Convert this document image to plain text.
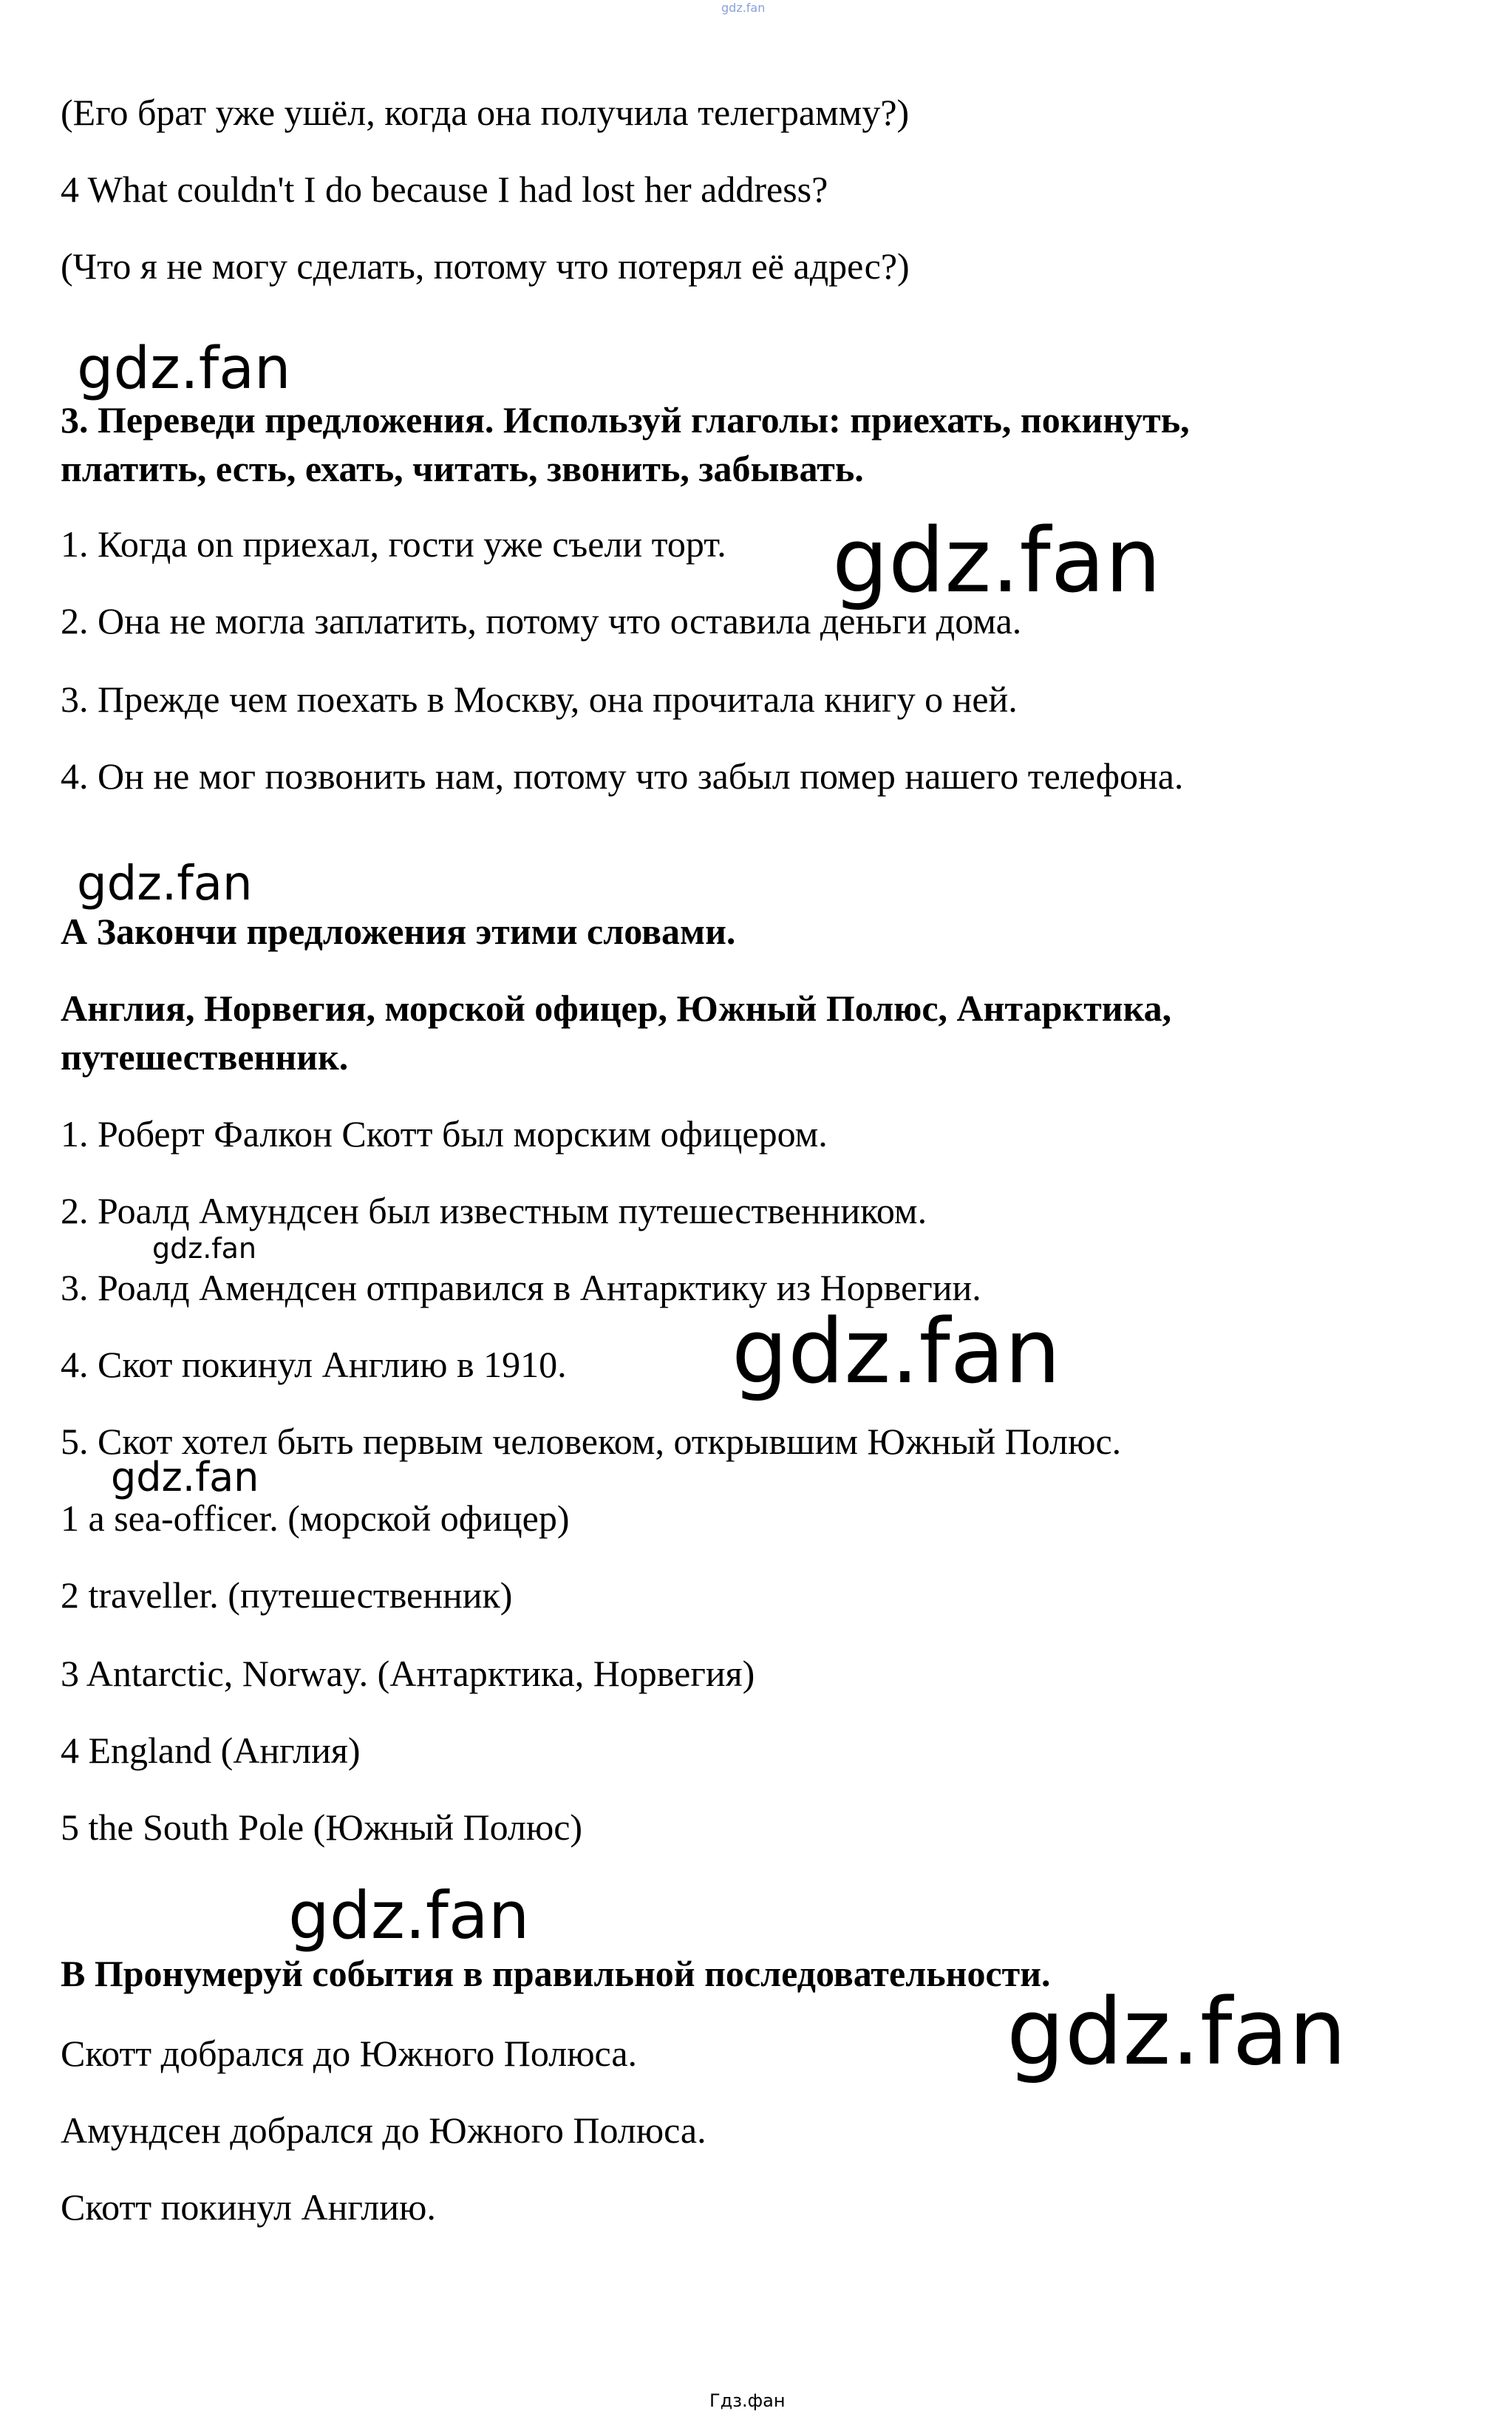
gdz.fan

(Его брат уже ушёл, когда она получила телеграмму?)

4 What couldn't I do because I had lost her address?

(Что я не могу сделать, потому что потерял её адрес?)

gdz.fan

3. Переведи предложения. Используй глаголы: приехать, покинуть,

платить, есть, ехать, читать, звонить, забывать.

1. Когда on приехал, гости уже съели торт. gdz.fan

2. Она не могла заплатить, потому что оставила деньги дома.

3. Прежде чем поехать в Москву, она прочитала книгу о ней.

4. Он не мог позвонить нам, потому что забыл помер нашего телефона.

gdz.fan

А Закончи предложения этими словами.

Англия, Норвегия, морской офицер, Южный Полюс, Антарктика,

путешественник.

1. Роберт Фалкон Скотт был морским офицером.

2. Роалд Амундсен был известным путешественником.

gdz.fan

3. Роалд Амендсен отправился в Антарктику из Норвегии.

4. Скот покинул Англию в 1910. gdz.fan

5. Скот хотел быть первым человеком, открывшим Южный Полюс.

gdz.fan

1 a sea-officer. (морской офицер)

2 traveller. (путешественник)

3 Antarctic, Norway. (Антарктика, Норвегия)

4 England (Англия)

5 the South Pole (Южный Полюс)

gdz.fan

В Пронумеруй события в правильной последовательности.

gdz.fan

Скотт добрался до Южного Полюса.

Амундсен добрался до Южного Полюса.

Скотт покинул Англию.

Гдз.фан
